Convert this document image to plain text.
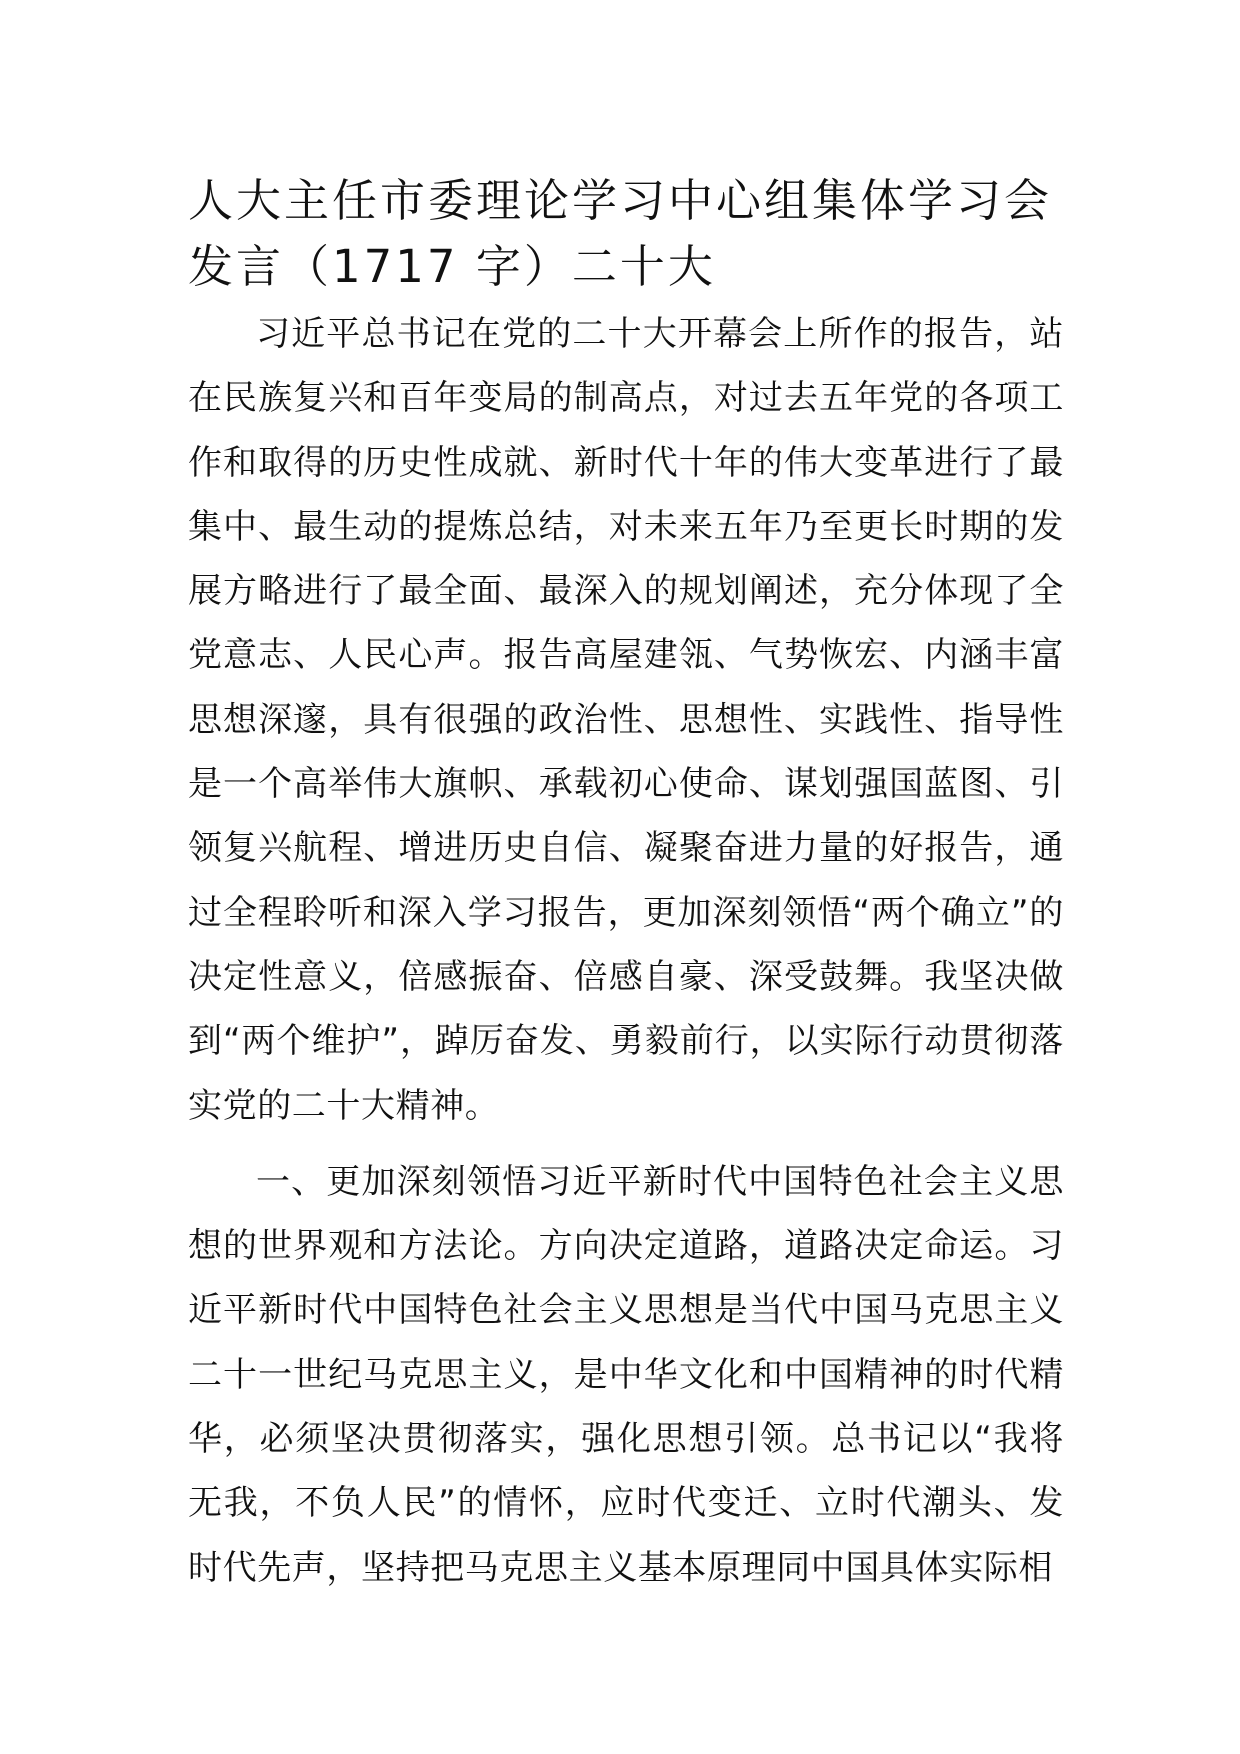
人大主任市委理论学习中心组集体学习会发言（1717 字）二十大

习近平总书记在党的二十大开幕会上所作的报告，站在民族复兴和百年变局的制高点，对过去五年党的各项工作和取得的历史性成就、新时代十年的伟大变革进行了最集中、最生动的提炼总结，对未来五年乃至更长时期的发展方略进行了最全面、最深入的规划阐述，充分体现了全党意志、人民心声。报告高屋建瓴、气势恢宏、内涵丰富思想深邃，具有很强的政治性、思想性、实践性、指导性是一个高举伟大旗帜、承载初心使命、谋划强国蓝图、引领复兴航程、增进历史自信、凝聚奋进力量的好报告，通过全程聆听和深入学习报告，更加深刻领悟“两个确立”的决定性意义，倍感振奋、倍感自豪、深受鼓舞。我坚决做到“两个维护”，踔厉奋发、勇毅前行，以实际行动贯彻落实党的二十大精神。

一、更加深刻领悟习近平新时代中国特色社会主义思想的世界观和方法论。方向决定道路，道路决定命运。习近平新时代中国特色社会主义思想是当代中国马克思主义二十一世纪马克思主义，是中华文化和中国精神的时代精华，必须坚决贯彻落实，强化思想引领。总书记以“我将无我，不负人民”的情怀，应时代变迁、立时代潮头、发时代先声，坚持把马克思主义基本原理同中国具体实际相
